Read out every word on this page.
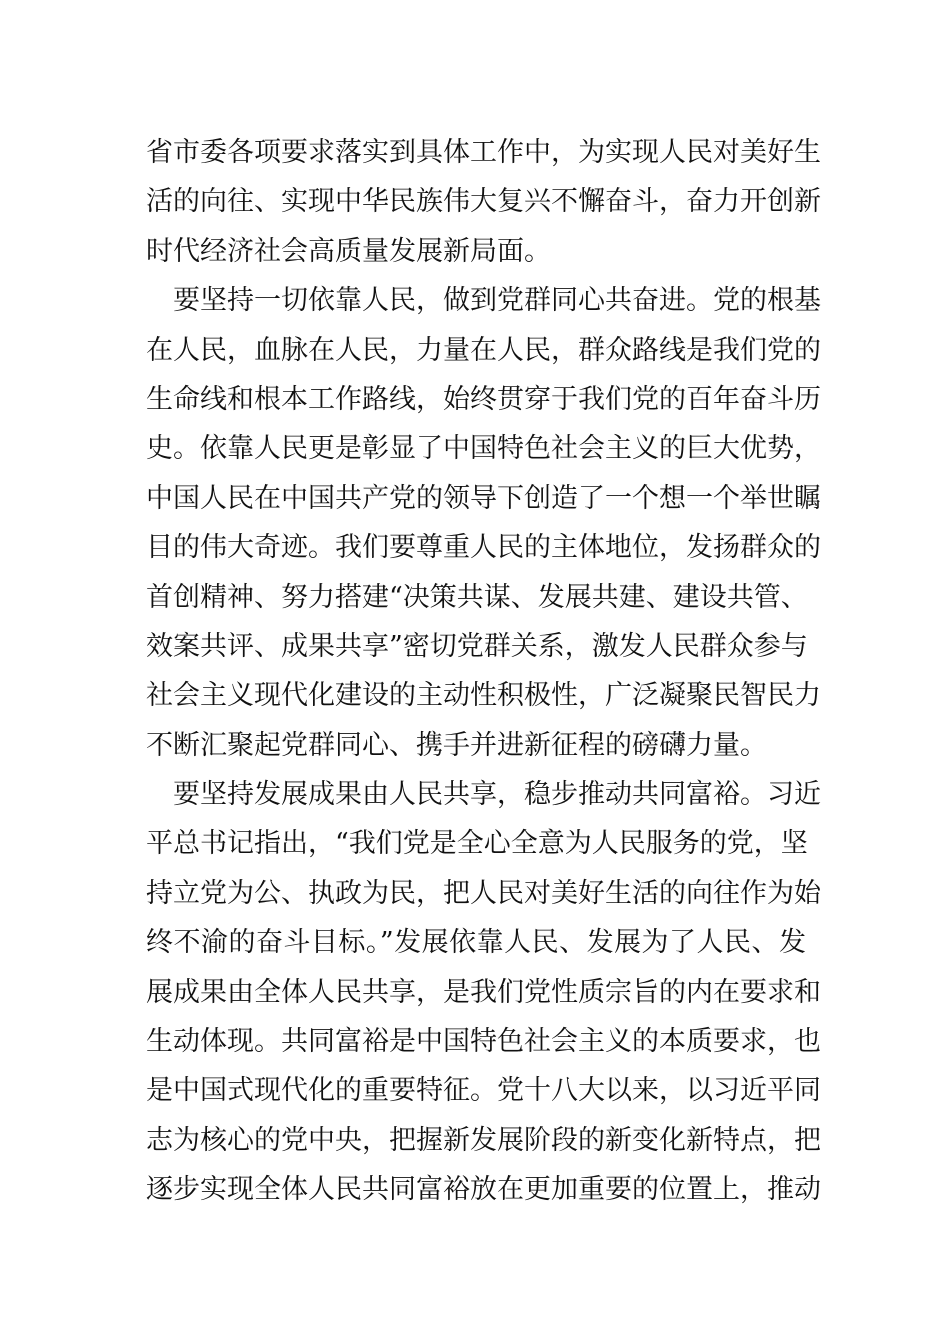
省市委各项要求落实到具体工作中，为实现人民对美好生
活的向往、实现中华民族伟大复兴不懈奋斗，奋力开创新
时代经济社会高质量发展新局面。
　要坚持一切依靠人民，做到党群同心共奋进。党的根基
在人民，血脉在人民，力量在人民，群众路线是我们党的
生命线和根本工作路线，始终贯穿于我们党的百年奋斗历
史。依靠人民更是彰显了中国特色社会主义的巨大优势，
中国人民在中国共产党的领导下创造了一个想一个举世瞩
目的伟大奇迹。我们要尊重人民的主体地位，发扬群众的
首创精神、努力搭建“决策共谋、发展共建、建设共管、
效案共评、成果共享”密切党群关系，激发人民群众参与
社会主义现代化建设的主动性积极性，广泛凝聚民智民力
不断汇聚起党群同心、携手并进新征程的磅礴力量。
　要坚持发展成果由人民共享，稳步推动共同富裕。习近
平总书记指出，“我们党是全心全意为人民服务的党，坚
持立党为公、执政为民，把人民对美好生活的向往作为始
终不渝的奋斗目标。”发展依靠人民、发展为了人民、发
展成果由全体人民共享，是我们党性质宗旨的内在要求和
生动体现。共同富裕是中国特色社会主义的本质要求，也
是中国式现代化的重要特征。党十八大以来，以习近平同
志为核心的党中央，把握新发展阶段的新变化新特点，把
逐步实现全体人民共同富裕放在更加重要的位置上，推动
